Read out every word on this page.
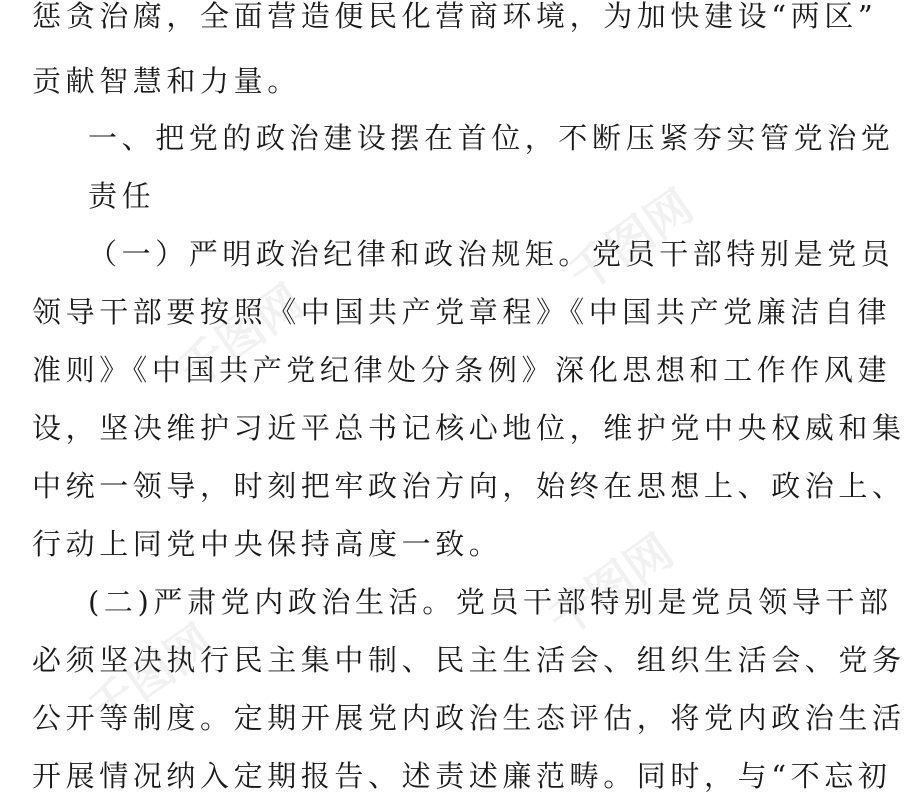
惩贪治腐，全面营造便民化营商环境，为加快建设“两区”
贡献智慧和力量。
一、把党的政治建设摆在首位，不断压紧夯实管党治党
责任
（一）严明政治纪律和政治规矩。党员干部特别是党员
领导干部要按照《中国共产党章程》《中国共产党廉洁自律
准则》《中国共产党纪律处分条例》深化思想和工作作风建
设，坚决维护习近平总书记核心地位，维护党中央权威和集
中统一领导，时刻把牢政治方向，始终在思想上、政治上、
行动上同党中央保持高度一致。
(二)严肃党内政治生活。党员干部特别是党员领导干部
必须坚决执行民主集中制、民主生活会、组织生活会、党务
公开等制度。定期开展党内政治生态评估，将党内政治生活
开展情况纳入定期报告、述责述廉范畴。同时，与“不忘初
千图网
千图网
千图网
千图网
